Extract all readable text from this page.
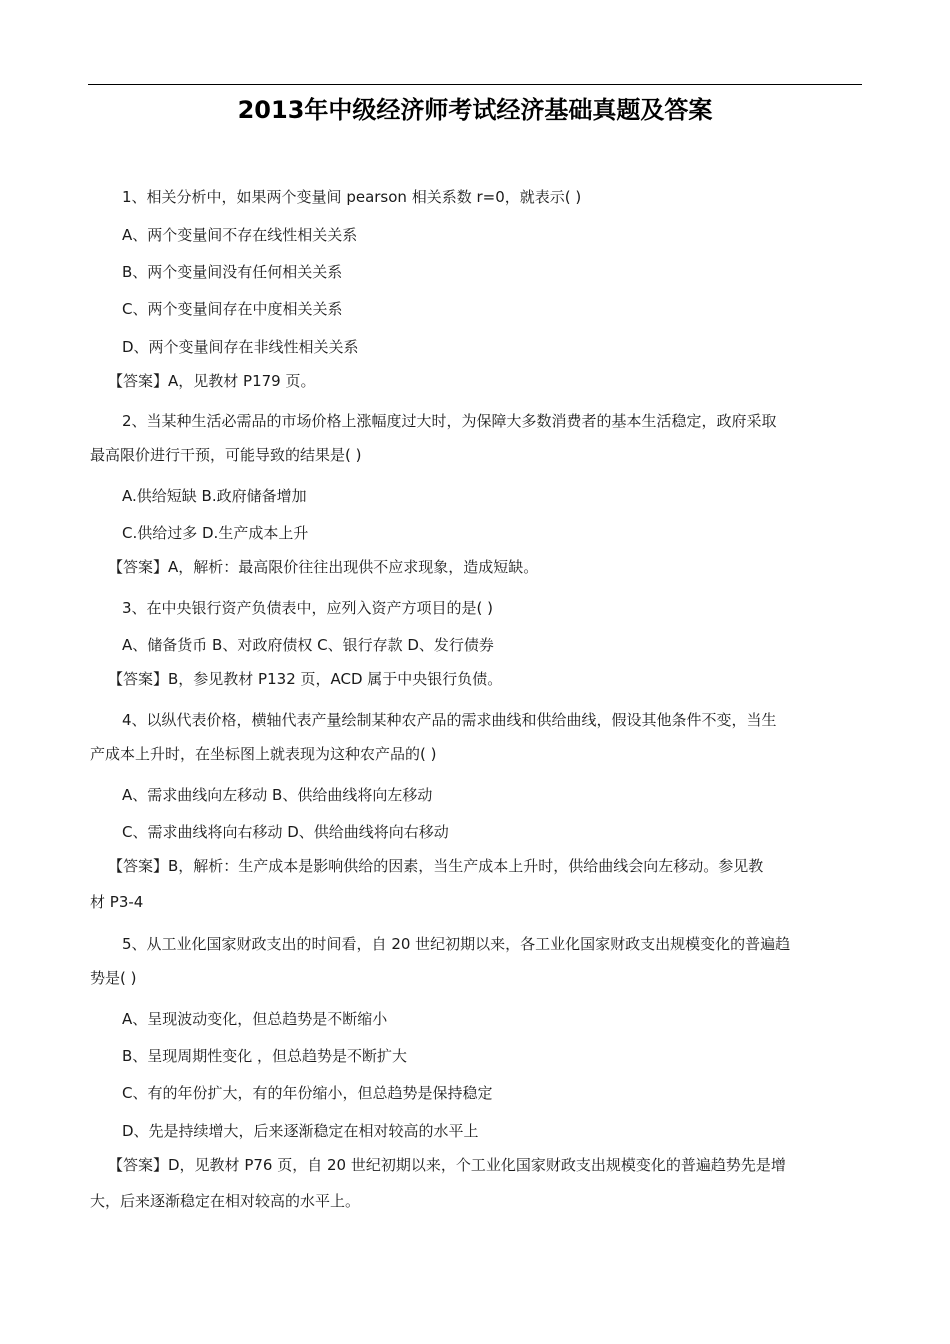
2013年中级经济师考试经济基础真题及答案
1、相关分析中，如果两个变量间 pearson 相关系数 r=0，就表示( )
A、两个变量间不存在线性相关关系
B、两个变量间没有任何相关关系
C、两个变量间存在中度相关关系
D、两个变量间存在非线性相关关系
【答案】A，见教材 P179 页。
2、当某种生活必需品的市场价格上涨幅度过大时，为保障大多数消费者的基本生活稳定，政府采取
最高限价进行干预，可能导致的结果是( )
A.供给短缺 B.政府储备增加
C.供给过多 D.生产成本上升
【答案】A，解析：最高限价往往出现供不应求现象，造成短缺。
3、在中央银行资产负债表中，应列入资产方项目的是( )
A、储备货币 B、对政府债权 C、银行存款 D、发行债券
【答案】B，参见教材 P132 页，ACD 属于中央银行负债。
4、以纵代表价格，横轴代表产量绘制某种农产品的需求曲线和供给曲线，假设其他条件不变，当生
产成本上升时，在坐标图上就表现为这种农产品的( )
A、需求曲线向左移动 B、供给曲线将向左移动
C、需求曲线将向右移动 D、供给曲线将向右移动
【答案】B，解析：生产成本是影响供给的因素，当生产成本上升时，供给曲线会向左移动。参见教
材 P3-4
5、从工业化国家财政支出的时间看，自 20 世纪初期以来，各工业化国家财政支出规模变化的普遍趋
势是( )
A、呈现波动变化，但总趋势是不断缩小
B、呈现周期性变化 ，但总趋势是不断扩大
C、有的年份扩大，有的年份缩小，但总趋势是保持稳定
D、先是持续增大，后来逐渐稳定在相对较高的水平上
【答案】D，见教材 P76 页，自 20 世纪初期以来，个工业化国家财政支出规模变化的普遍趋势先是增
大，后来逐渐稳定在相对较高的水平上。
